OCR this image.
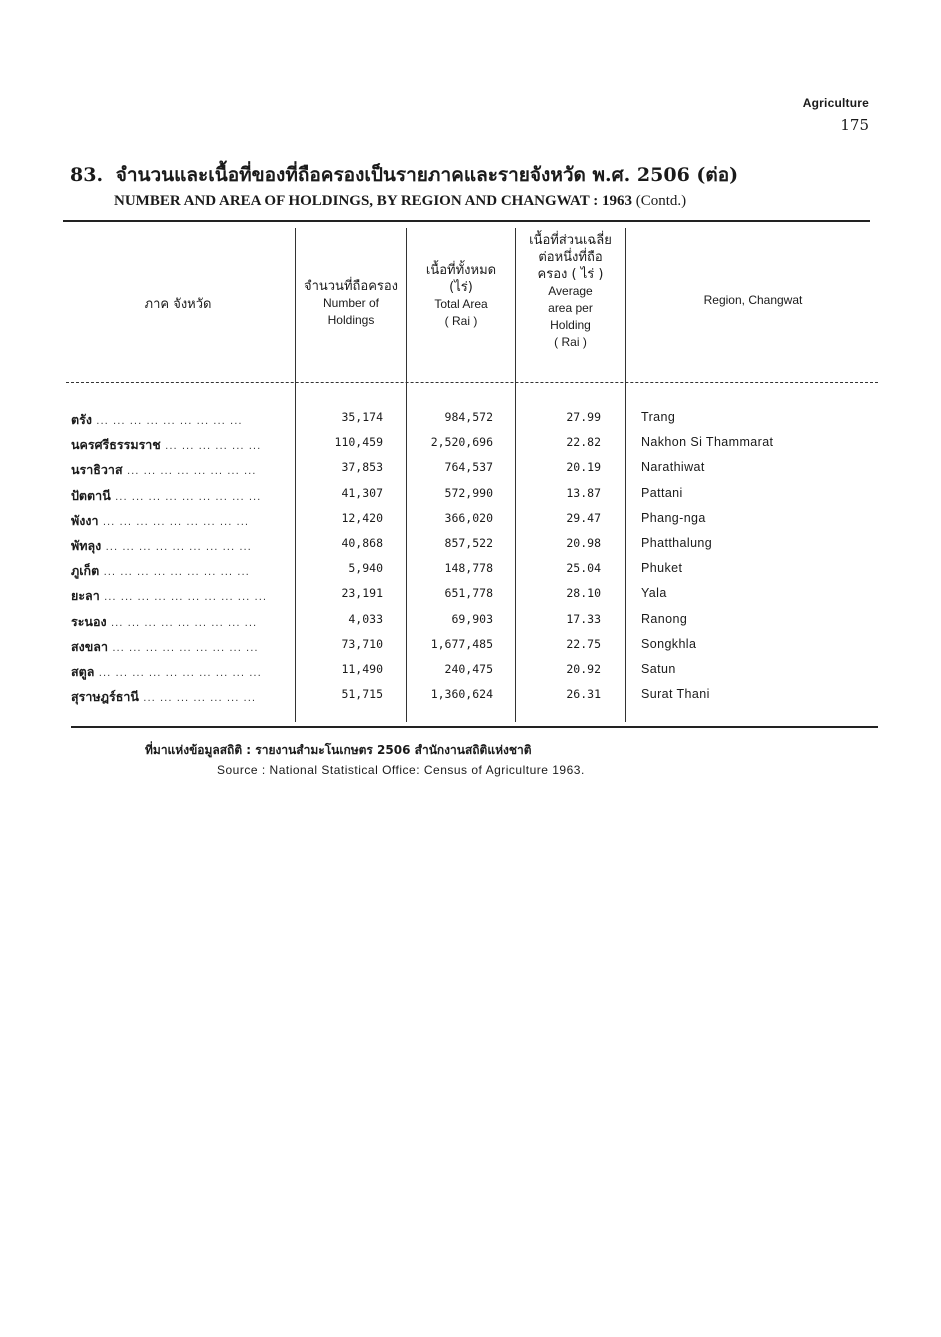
Agriculture
175
83. จำนวนและเนื้อที่ของที่ถือครองเป็นรายภาคและรายจังหวัด พ.ศ. 2506 (ต่อ)
NUMBER AND AREA OF HOLDINGS, BY REGION AND CHANGWAT : 1963 (Contd.)
ภาค จังหวัด
จำนวนที่ถือครอง
Number of
Holdings
เนื้อที่ทั้งหมด
(ไร่)
Total Area
( Rai )
เนื้อที่ส่วนเฉลี่ย
ต่อหนึ่งที่ถือ
ครอง ( ไร่ )
Average
area per
Holding
( Rai )
Region, Changwat
ตรัง ... ... ... ... ... ... ... ... ...	35,174	984,572	27.99	Trang
นครศรีธรรมราช ... ... ... ... ... ...	110,459	2,520,696	22.82	Nakhon Si Thammarat
นราธิวาส ... ... ... ... ... ... ... ...	37,853	764,537	20.19	Narathiwat
ปัตตานี ... ... ... ... ... ... ... ... ...	41,307	572,990	13.87	Pattani
พังงา ... ... ... ... ... ... ... ... ...	12,420	366,020	29.47	Phang-nga
พัทลุง ... ... ... ... ... ... ... ... ...	40,868	857,522	20.98	Phatthalung
ภูเก็ต ... ... ... ... ... ... ... ... ...	5,940	148,778	25.04	Phuket
ยะลา ... ... ... ... ... ... ... ... ... ...	23,191	651,778	28.10	Yala
ระนอง ... ... ... ... ... ... ... ... ...	4,033	69,903	17.33	Ranong
สงขลา ... ... ... ... ... ... ... ... ...	73,710	1,677,485	22.75	Songkhla
สตูล ... ... ... ... ... ... ... ... ... ...	11,490	240,475	20.92	Satun
สุราษฎร์ธานี ... ... ... ... ... ... ...	51,715	1,360,624	26.31	Surat Thani
ที่มาแห่งข้อมูลสถิติ : รายงานสำมะโนเกษตร 2506 สำนักงานสถิติแห่งชาติ
Source : National Statistical Office: Census of Agriculture 1963.
